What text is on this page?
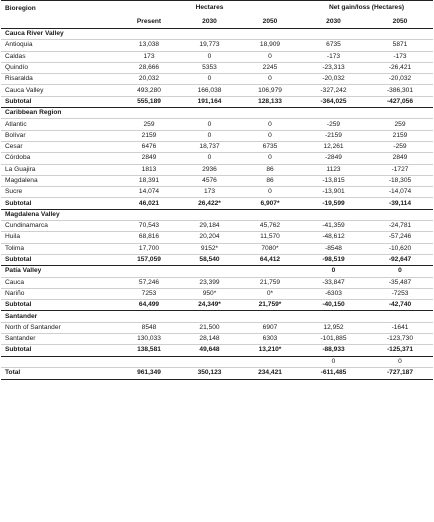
Bioregion	Hectares			Net gain/loss (Hectares)	
	Present	2030	2050	2030	2050
Cauca River Valley					
Antioquia	13,038	19,773	18,909	6735	5871
Caldas	173	0	0	-173	-173
Quindío	28,666	5353	2245	-23,313	-26,421
Risaralda	20,032	0	0	-20,032	-20,032
Cauca Valley	493,280	166,038	106,979	-327,242	-386,301
Subtotal	555,189	191,164	128,133	-364,025	-427,056
Caribbean Region					
Atlantic	259	0	0	-259	259
Bolívar	2159	0	0	-2159	2159
Cesar	6476	18,737	6735	12,261	-259
Córdoba	2849	0	0	-2849	2849
La Guajira	1813	2936	86	1123	-1727
Magdalena	18,391	4576	86	-13,815	-18,305
Sucre	14,074	173	0	-13,901	-14,074
Subtotal	46,021	26,422*	6,907*	-19,599	-39,114
Magdalena Valley					
Cundinamarca	70,543	29,184	45,762	-41,359	-24,781
Huila	68,816	20,204	11,570	-48,612	-57,246
Tolima	17,700	9152*	7080*	-8548	-10,620
Subtotal	157,059	58,540	64,412	-98,519	-92,647
Patía Valley				0	0
Cauca	57,246	23,399	21,759	-33,847	-35,487
Nariño	7253	950*	0*	-6303	-7253
Subtotal	64,499	24,349*	21,759*	-40,150	-42,740
Santander					
North of Santander	8548	21,500	6907	12,952	-1641
Santander	130,033	28,148	6303	-101,885	-123,730
Subtotal	138,581	49,648	13,210*	-88,933	-125,371
				0	0
Total	961,349	350,123	234,421	-611,485	-727,187
